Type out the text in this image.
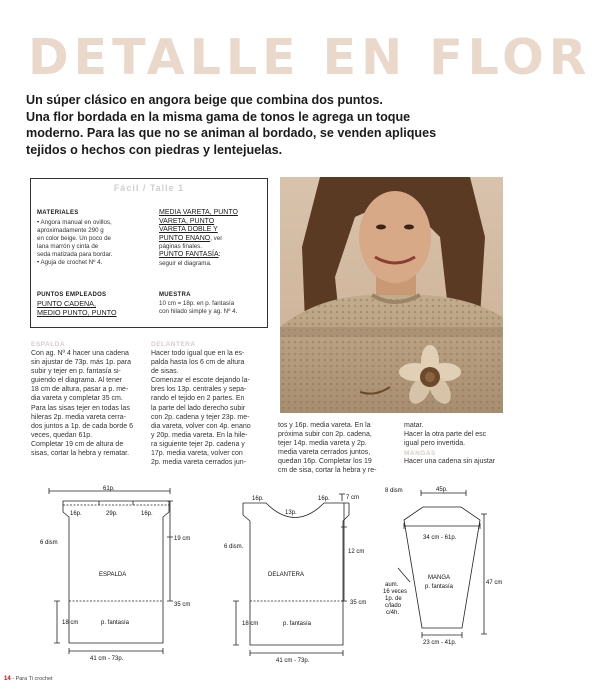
DETALLE EN FLOR
Un súper clásico en angora beige que combina dos puntos.
Una flor bordada en la misma gama de tonos le agrega un toque
moderno. Para las que no se animan al bordado, se venden apliques
tejidos o hechos con piedras y lentejuelas.
Fácil / Talle 1
MATERIALES
• Angora manual en ovillos,
aproximadamente 290 g
en color beige. Un poco de
lana marrón y cinta de
seda matizada para bordar.
• Aguja de crochet Nº 4.
MEDIA VARETA, PUNTO
VARETA, PUNTO
VARETA DOBLE Y
PUNTO ENANO, ver
páginas finales.
PUNTO FANTASÍA:
seguir el diagrama.
PUNTOS EMPLEADOS
PUNTO CADENA,
MEDIO PUNTO, PUNTO
MUESTRA
10 cm = 18p. en p. fantasía
con hilado simple y ag. Nº 4.
ESPALDA
Con ag. Nº 4 hacer una cadena
sin ajustar de 73p. más 1p. para
subir y tejer en p. fantasía si-
guiendo el diagrama. Al tener
18 cm de altura, pasar a p. me-
dia vareta y completar 35 cm.
Para las sisas tejer en todas las
hileras 2p. media vareta cerra-
dos juntos a 1p. de cada borde 6
veces, quedan 61p.
Completar 19 cm de altura de
sisas, cortar la hebra y rematar.
DELANTERA
Hacer todo igual que en la es-
palda hasta los 6 cm de altura
de sisas.
Comenzar el escote dejando la-
bres los 13p. centrales y sepa-
rando el tejido en 2 partes. En
la parte del lado derecho subir
con 2p. cadena y tejer 23p. me-
dia vareta, volver con 4p. enano
y 20p. media vareta. En la hile-
ra siguiente tejer 2p. cadena y
17p. media vareta, volver con
2p. media vareta cerrados jun-
tos y 16p. media vareta. En la
próxima subir con 2p. cadena,
tejer 14p. media vareta y 2p.
media vareta cerrados juntos,
quedan 16p. Completar los 19
cm de sisa, cortar la hebra y re-
matar.
Hacer la otra parte del esc
igual pero invertida.
MANGAS
Hacer una cadena sin ajustar
61p.
16p.	29p.	16p.
6 dism
19 cm
ESPALDA
35 cm
18 cm	p. fantasía
41 cm - 73p.
16p.	16p.	7 cm
13p.
6 dism.
12 cm
DELANTERA
35 cm
18 cm	p. fantasía
41 cm - 73p.
8 dism	45p.
34 cm - 61p.
MANGA
p. fantasía
47 cm
aum.
16 veces
1p. de
c/lado
c/4h.
23 cm - 41p.
14 - Para Ti crochet
